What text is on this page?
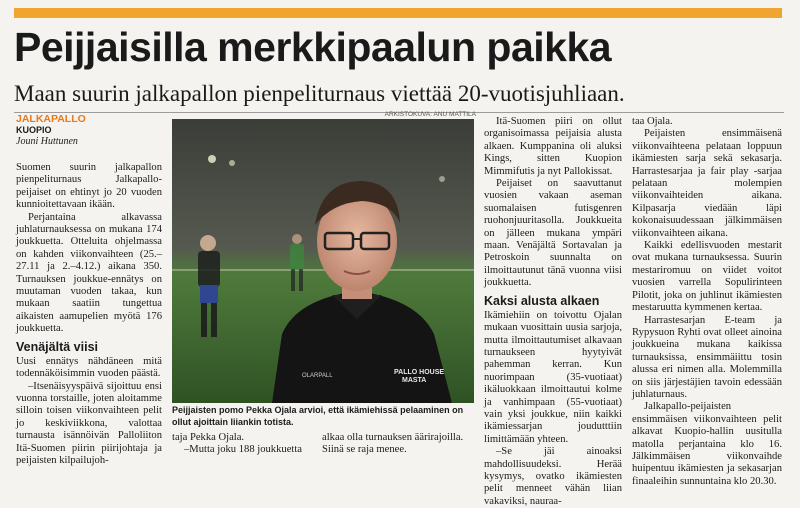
Peijjaisilla merkkipaalun paikka
Maan suurin jalkapallon pienpeliturnaus viettää 20-vuotisjuhliaan.
ARKISTOKUVA: ANU MATTILA
JALKAPALLO
KUOPIO
Jouni Huttunen

Suomen suurin jalkapallon pienpeliturnaus Jalkapallo-peijaiset on ehtinyt jo 20 vuoden kunnioitettavaan ikään.

Perjantaina alkavassa juhlaturnauksessa on mukana 174 joukkuetta. Otteluita ohjelmassa on kahden viikonvaihteen (25.–27.11 ja 2.–4.12.) aikana 350. Turnauksen joukkue-ennätys on muutaman vuoden takaa, kun mukaan saatiin tungettua aikaisten aamupelien myötä 176 joukkuetta.

Venäjältä viisi

Uusi ennätys nähdäneen mitä todennäköisimmin vuoden päästä.

–Itsenäisyyspäivä sijoittuu ensi vuonna torstaille, joten aloitamme silloin toisen viikonvaihteen pelit jo keskiviikkona, valottaa turnausta isännöivän Palloliiton Itä-Suomen piirin piirijohtaja ja peijaisten kilpailujoh-

PALLO HOUSE
MASTA
OLARPALL
Peijjaisten pomo Pekka Ojala arvioi, että ikämiehissä pelaaminen on ollut ajoittain liiankin totista.
taja Pekka Ojala.
–Mutta joku 188 joukkuetta
alkaa olla turnauksen äärirajoilla. Siinä se raja menee.

Itä-Suomen piiri on ollut organisoimassa peijaisia alusta alkaen. Kumppanina oli aluksi Kings, sitten Kuopion Mimmifutis ja nyt Pallokissat.

Peijaiset on saavuttanut vuosien vakaan aseman suomalaisen futisgenren ruohonjuuritasolla. Joukkueita on jälleen mukana ympäri maan. Venäjältä Sortavalan ja Petroskoin suunnalta on ilmoittautunut tänä vuonna viisi joukkuetta.

Kaksi alusta alkaen

Ikämiehiin on toivottu Ojalan mukaan vuosittain uusia sarjoja, mutta ilmoittautumiset alkavaan turnaukseen hyytyivät pahemman kerran. Kun nuorimpaan (35-vuotiaat) ikäluokkaan ilmoittautui kolme ja vanhimpaan (55-vuotiaat) vain yksi joukkue, niin kaikki ikämiessarjan joudutttiin limittämään yhteen.

–Se jäi ainoaksi mahdollisuudeksi. Herää kysymys, ovatko ikämiesten pelit menneet vähän liian vakaviksi, nauraa-

taa Ojala.

Peijaisten ensimmäisenä viikonvaihteena pelataan loppuun ikämiesten sarja sekä sekasarja. Harrastesarjaa ja fair play -sarjaa pelataan molempien viikonvaihteiden aikana. Kilpasarja viedään läpi kokonaisuudessaan jälkimmäisen viikonvaihteen aikana.

Kaikki edellisvuoden mestarit ovat mukana turnauksessa. Suurin mestariromuu on viidet voitot vuosien varrella Sopulirinteen Pilotit, joka on juhlinut ikämiesten mestaruutta kymmenen kertaa.

Harrastesarjan E-team ja Rypysuon Ryhti ovat olleet ainoina joukkueina mukana kaikissa turnauksissa, ensimmäiittu tosin alussa eri nimen alla. Molemmilla on siis järjestäjien tavoin edessään juhlaturnaus.

Jalkapallo-peijaisten ensimmäisen viikonvaihteen pelit alkavat Kuopio-hallin uusitulla matolla perjantaina klo 16. Jälkimmäisen viikonvaihde huipentuu ikämiesten ja sekasarjan finaaleihin sunnuntaina klo 20.30.
